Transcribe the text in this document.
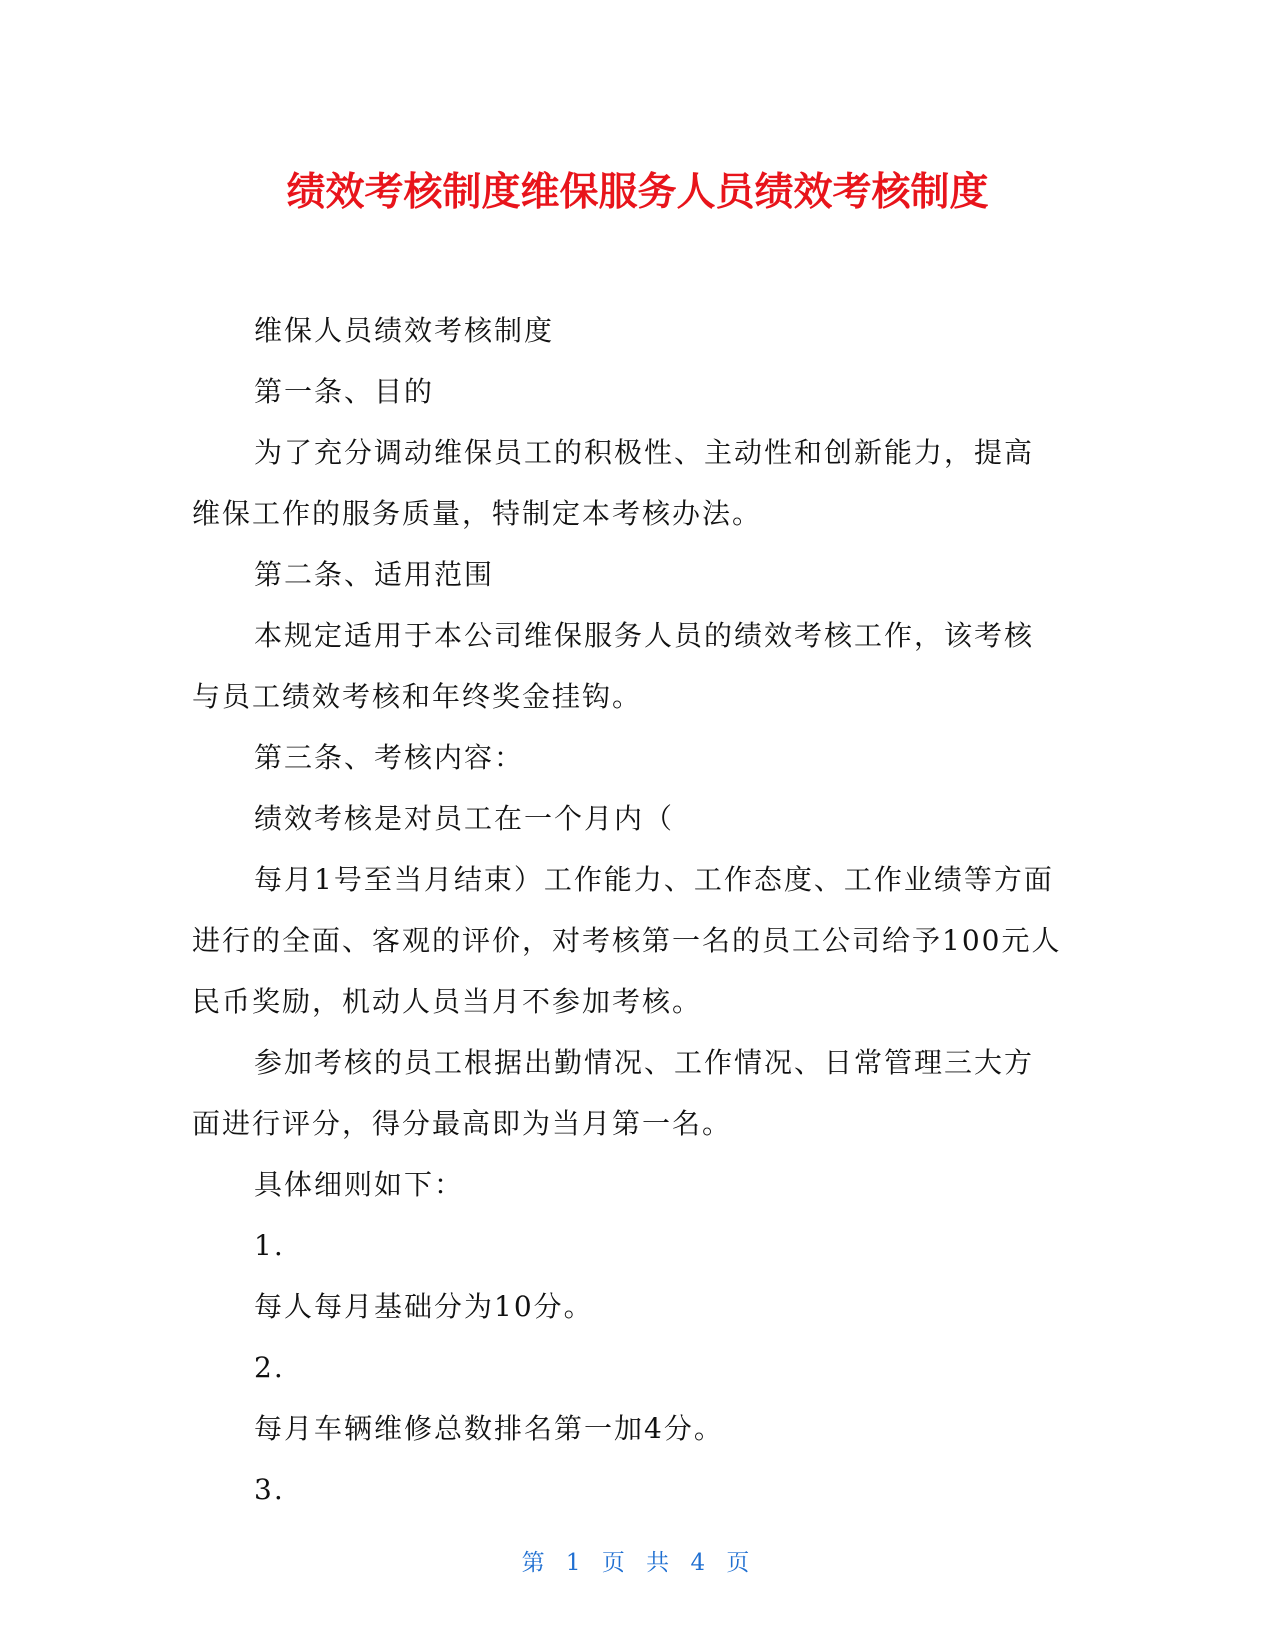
绩效考核制度维保服务人员绩效考核制度

维保人员绩效考核制度

第一条、目的

为了充分调动维保员工的积极性、主动性和创新能力，提高

维保工作的服务质量，特制定本考核办法。

第二条、适用范围

本规定适用于本公司维保服务人员的绩效考核工作，该考核

与员工绩效考核和年终奖金挂钩。

第三条、考核内容：

绩效考核是对员工在一个月内（

每月1号至当月结束）工作能力、工作态度、工作业绩等方面

进行的全面、客观的评价，对考核第一名的员工公司给予100元人

民币奖励，机动人员当月不参加考核。

参加考核的员工根据出勤情况、工作情况、日常管理三大方

面进行评分，得分最高即为当月第一名。

具体细则如下：

1.

每人每月基础分为10分。

2.

每月车辆维修总数排名第一加4分。

3.

第 1 页 共 4 页
